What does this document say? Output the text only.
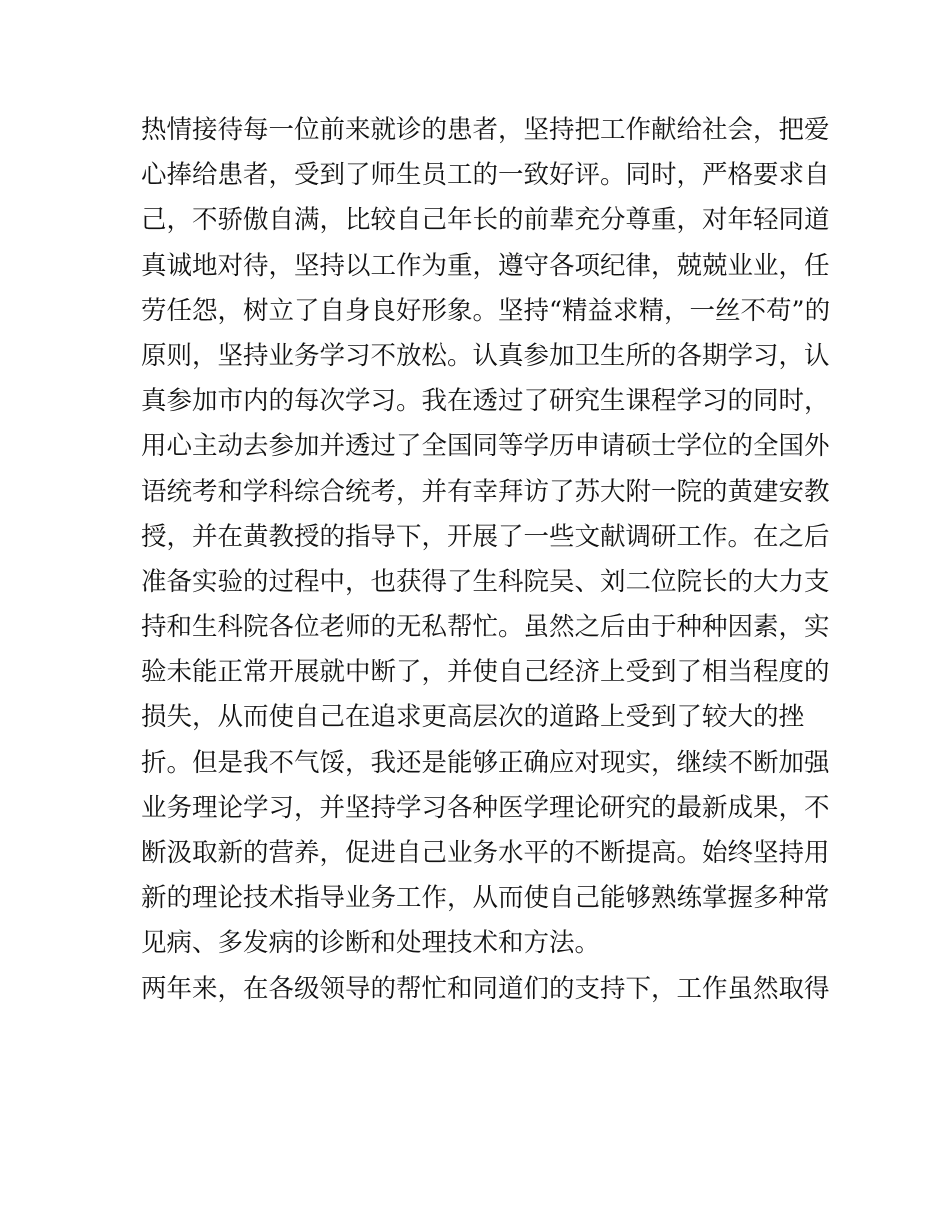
热情接待每一位前来就诊的患者，坚持把工作献给社会，把爱
心捧给患者，受到了师生员工的一致好评。同时，严格要求自
己，不骄傲自满，比较自己年长的前辈充分尊重，对年轻同道
真诚地对待，坚持以工作为重，遵守各项纪律，兢兢业业，任
劳任怨，树立了自身良好形象。坚持“精益求精，一丝不苟”的
原则，坚持业务学习不放松。认真参加卫生所的各期学习，认
真参加市内的每次学习。我在透过了研究生课程学习的同时，
用心主动去参加并透过了全国同等学历申请硕士学位的全国外
语统考和学科综合统考，并有幸拜访了苏大附一院的黄建安教
授，并在黄教授的指导下，开展了一些文献调研工作。在之后
准备实验的过程中，也获得了生科院吴、刘二位院长的大力支
持和生科院各位老师的无私帮忙。虽然之后由于种种因素，实
验未能正常开展就中断了，并使自己经济上受到了相当程度的
损失，从而使自己在追求更高层次的道路上受到了较大的挫
折。但是我不气馁，我还是能够正确应对现实，继续不断加强
业务理论学习，并坚持学习各种医学理论研究的最新成果，不
断汲取新的营养，促进自己业务水平的不断提高。始终坚持用
新的理论技术指导业务工作，从而使自己能够熟练掌握多种常
见病、多发病的诊断和处理技术和方法。
两年来，在各级领导的帮忙和同道们的支持下，工作虽然取得
